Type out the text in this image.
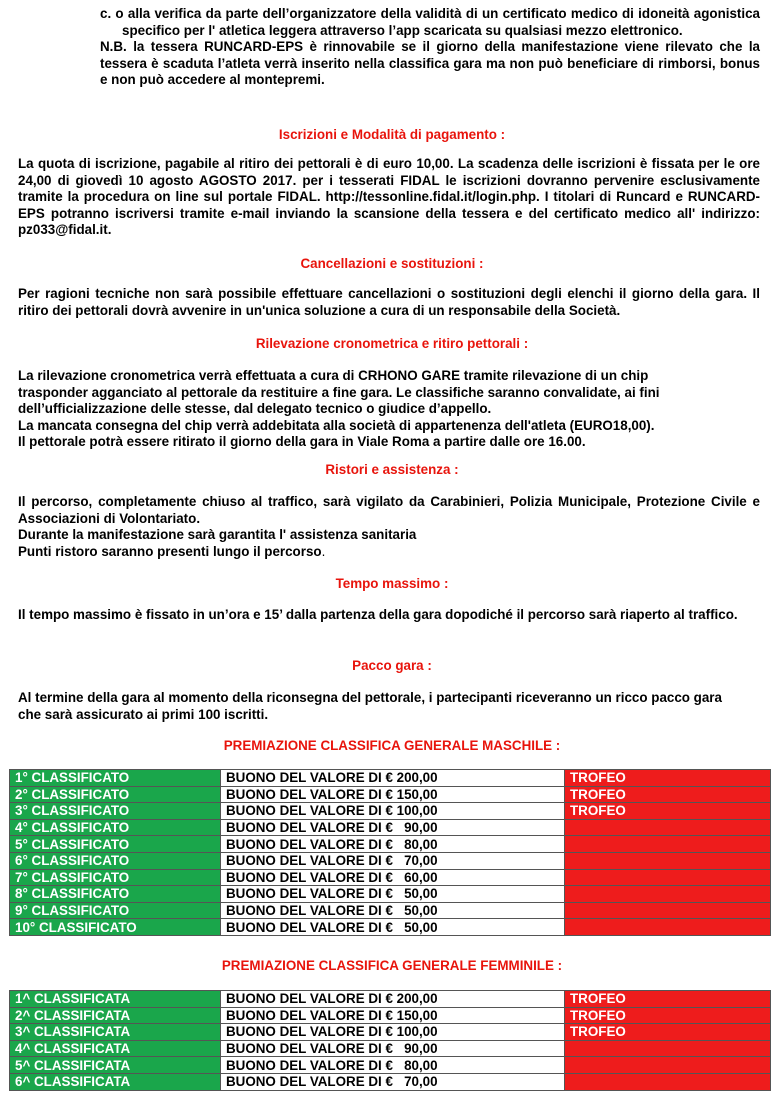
c. o alla verifica da parte dell’organizzatore della validità di un certificato medico di idoneità agonistica specifico per l' atletica leggera attraverso l’app scaricata su qualsiasi mezzo elettronico.

N.B. la tessera RUNCARD-EPS è rinnovabile se il giorno della manifestazione viene rilevato che la tessera è scaduta l’atleta verrà inserito nella classifica gara ma non può beneficiare di rimborsi, bonus e non può accedere al montepremi.

Iscrizioni e Modalità di pagamento :

La quota di iscrizione, pagabile al ritiro dei pettorali è di euro 10,00. La scadenza delle iscrizioni è fissata per le ore 24,00 di giovedì 10 agosto AGOSTO 2017. per i tesserati FIDAL le iscrizioni dovranno pervenire esclusivamente tramite la procedura on line sul portale FIDAL. http://tessonline.fidal.it/login.php. I titolari di Runcard e RUNCARD-EPS potranno iscriversi tramite e-mail inviando la scansione della tessera e del certificato medico all' indirizzo: pz033@fidal.it.

Cancellazioni e sostituzioni :

Per ragioni tecniche non sarà possibile effettuare cancellazioni o sostituzioni degli elenchi il giorno della gara. Il ritiro dei pettorali dovrà avvenire in un'unica soluzione a cura di un responsabile della Società.

Rilevazione cronometrica e ritiro pettorali :

La rilevazione cronometrica verrà effettuata a cura di CRHONO GARE tramite rilevazione di un chip

trasponder agganciato al pettorale da restituire a fine gara. Le classifiche saranno convalidate, ai fini

dell’ufficializzazione delle stesse, dal delegato tecnico o giudice d’appello.

La mancata consegna del chip verrà addebitata alla società di appartenenza dell'atleta (EURO18,00).

Il pettorale potrà essere ritirato il giorno della gara in Viale Roma a partire dalle ore 16.00.

Ristori e assistenza :

Il percorso, completamente chiuso al traffico, sarà vigilato da Carabinieri, Polizia Municipale, Protezione Civile e Associazioni di Volontariato.

Durante la manifestazione sarà garantita l' assistenza sanitaria

Punti ristoro saranno presenti lungo il percorso.

Tempo massimo :

Il tempo massimo è fissato in un’ora e 15’ dalla partenza della gara dopodiché il percorso sarà riaperto al traffico.

Pacco gara :

Al termine della gara al momento della riconsegna del pettorale, i partecipanti riceveranno un ricco pacco gara che sarà assicurato ai primi 100 iscritti.

PREMIAZIONE CLASSIFICA GENERALE MASCHILE :
1° CLASSIFICATO	BUONO DEL VALORE DI € 200,00	TROFEO
2° CLASSIFICATO	BUONO DEL VALORE DI € 150,00	TROFEO
3° CLASSIFICATO	BUONO DEL VALORE DI € 100,00	TROFEO
4° CLASSIFICATO	BUONO DEL VALORE DI €   90,00	
5° CLASSIFICATO	BUONO DEL VALORE DI €   80,00	
6° CLASSIFICATO	BUONO DEL VALORE DI €   70,00	
7° CLASSIFICATO	BUONO DEL VALORE DI €   60,00	
8° CLASSIFICATO	BUONO DEL VALORE DI €   50,00	
9° CLASSIFICATO	BUONO DEL VALORE DI €   50,00	
10° CLASSIFICATO	BUONO DEL VALORE DI €   50,00	
PREMIAZIONE CLASSIFICA GENERALE FEMMINILE :
1^ CLASSIFICATA	BUONO DEL VALORE DI € 200,00	TROFEO
2^ CLASSIFICATA	BUONO DEL VALORE DI € 150,00	TROFEO
3^ CLASSIFICATA	BUONO DEL VALORE DI € 100,00	TROFEO
4^ CLASSIFICATA	BUONO DEL VALORE DI €   90,00	
5^ CLASSIFICATA	BUONO DEL VALORE DI €   80,00	
6^ CLASSIFICATA	BUONO DEL VALORE DI €   70,00	
